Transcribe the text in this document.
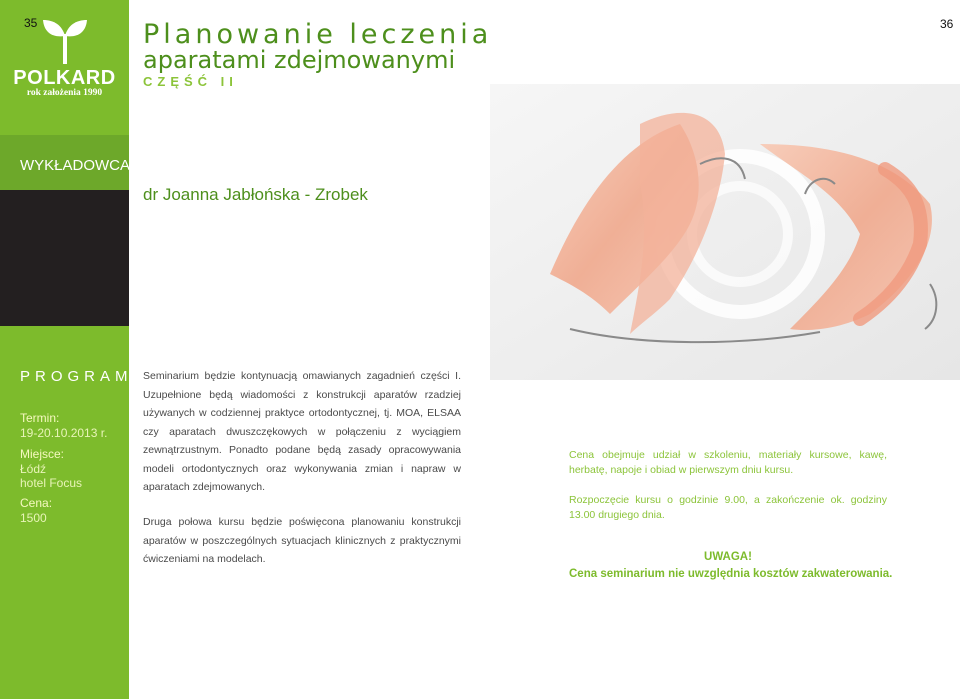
35
POLKARD
rok założenia 1990
WYKŁADOWCA
PROGRAM
Termin:
19-20.10.2013 r.
Miejsce:
Łódź
hotel Focus
Cena:
1500
36
Planowanie leczenia
aparatami zdejmowanymi
CZĘŚĆ II
dr Joanna Jabłońska - Zrobek
Seminarium będzie kontynuacją omawianych zagadnień części I. Uzupełnione będą wiadomości z konstrukcji aparatów rzadziej używanych w codziennej praktyce ortodontycznej, tj. MOA, ELSAA czy aparatach dwuszczękowych w połączeniu z wyciągiem zewnątrzustnym. Ponadto podane będą zasady opracowywania modeli ortodontycznych oraz wykonywania zmian i napraw w aparatach zdejmowanych.
Druga połowa kursu będzie poświęcona planowaniu konstrukcji aparatów w poszczególnych sytuacjach klinicznych z praktycznymi ćwiczeniami na modelach.
Cena obejmuje udział w szkoleniu, materiały kursowe, kawę, herbatę, napoje i obiad w pierwszym dniu kursu.
Rozpoczęcie kursu o godzinie 9.00, a zakończenie ok. godziny 13.00 drugiego dnia.
UWAGA!
Cena seminarium nie uwzględnia kosztów zakwaterowania.
